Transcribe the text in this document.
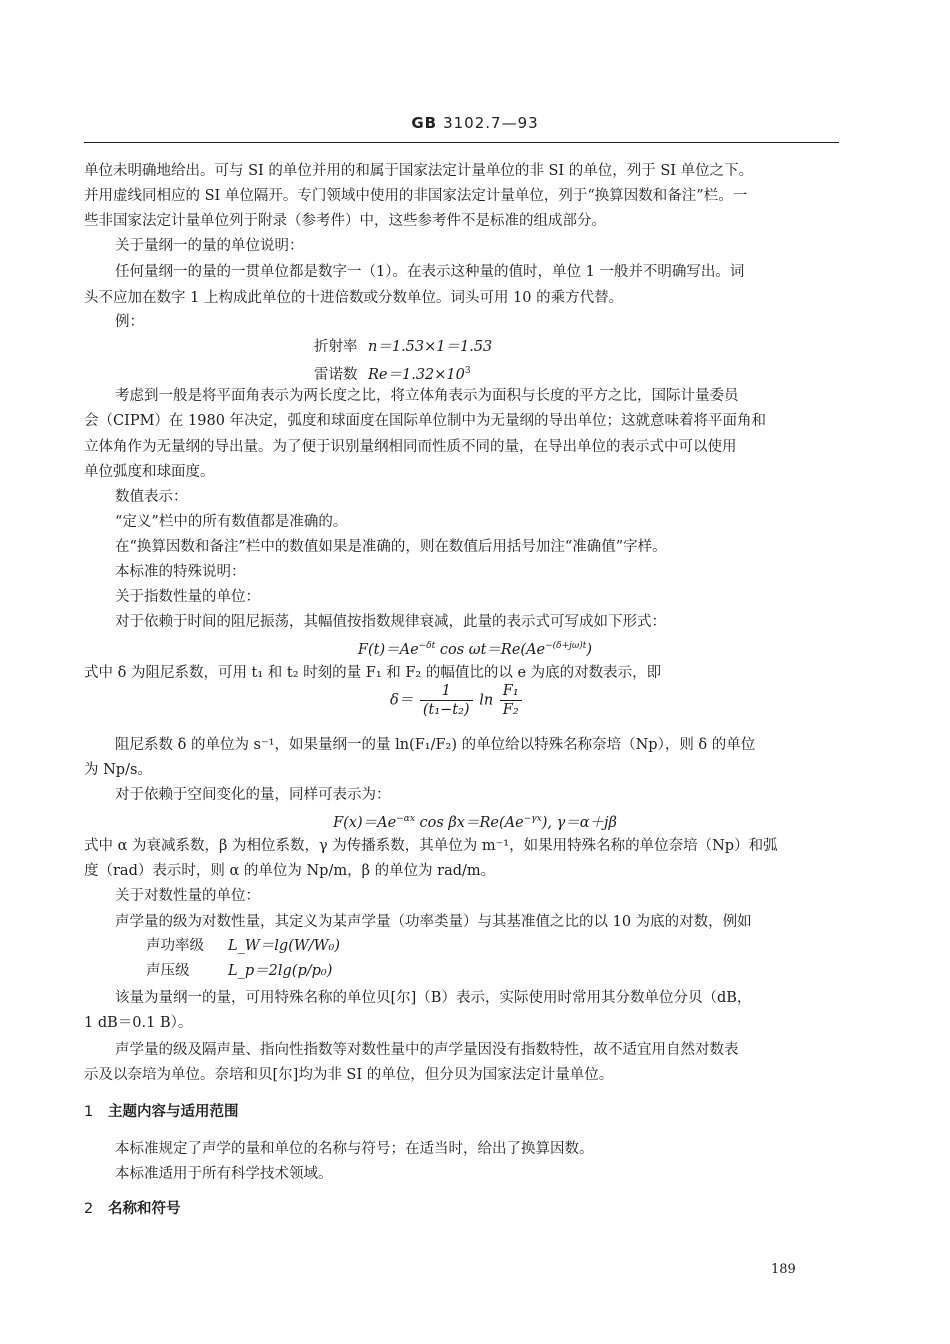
GB 3102.7—93
单位未明确地给出。可与 SI 的单位并用的和属于国家法定计量单位的非 SI 的单位，列于 SI 单位之下。
并用虚线同相应的 SI 单位隔开。专门领域中使用的非国家法定计量单位，列于“换算因数和备注”栏。一
些非国家法定计量单位列于附录（参考件）中，这些参考件不是标准的组成部分。
关于量纲一的量的单位说明：
任何量纲一的量的一贯单位都是数字一（1）。在表示这种量的值时，单位 1 一般并不明确写出。词
头不应加在数字 1 上构成此单位的十进倍数或分数单位。词头可用 10 的乘方代替。
例：
折射率 n＝1.53×1＝1.53
雷诺数 $Re=1.32\times 10^3$
考虑到一般是将平面角表示为两长度之比，将立体角表示为面积与长度的平方之比，国际计量委员
会（CIPM）在 1980 年决定，弧度和球面度在国际单位制中为无量纲的导出单位；这就意味着将平面角和
立体角作为无量纲的导出量。为了便于识别量纲相同而性质不同的量，在导出单位的表示式中可以使用
单位弧度和球面度。
数值表示：
“定义”栏中的所有数值都是准确的。
在“换算因数和备注”栏中的数值如果是准确的，则在数值后用括号加注“准确值”字样。
本标准的特殊说明：
关于指数性量的单位：
对于依赖于时间的阻尼振荡，其幅值按指数规律衰减，此量的表示式可写成如下形式：
$F(t)=Ae^{-\delta t}$ $\cos \omega t=Re(Ae^{-(\delta+j\omega)t})$
式中 δ 为阻尼系数，可用 t₁ 和 t₂ 时刻的量 F₁ 和 F₂ 的幅值比的以 e 为底的对数表示，即
$\delta= \frac{1}{\text{(t₁−t₂)}}$ $\ln \frac{\text{F₁}}{\text{F₂}}$
阻尼系数 δ 的单位为 s⁻¹，如果量纲一的量 ln(F₁/F₂) 的单位给以特殊名称奈培（Np），则 δ 的单位
为 Np/s。
对于依赖于空间变化的量，同样可表示为：
$F(x)=Ae^{-\alpha x}$ $\cos \beta x=Re(Ae^{-\gamma x})$, γ＝α＋jβ
式中 α 为衰减系数，β 为相位系数，γ 为传播系数，其单位为 m⁻¹，如果用特殊名称的单位奈培（Np）和弧
度（rad）表示时，则 α 的单位为 Np/m，β 的单位为 rad/m。
关于对数性量的单位：
声学量的级为对数性量，其定义为某声学量（功率类量）与其基准值之比的以 10 为底的对数，例如
声功率级 L_W＝lg(W/W₀)
声压级	L_p＝2lg(p/p₀)
该量为量纲一的量，可用特殊名称的单位贝[尔]（B）表示，实际使用时常用其分数单位分贝（dB，
1 dB＝0.1 B）。
声学量的级及隔声量、指向性指数等对数性量中的声学量因没有指数特性，故不适宜用自然对数表
示及以奈培为单位。奈培和贝[尔]均为非 SI 的单位，但分贝为国家法定计量单位。
1 主题内容与适用范围
本标准规定了声学的量和单位的名称与符号；在适当时，给出了换算因数。
本标准适用于所有科学技术领域。
2 名称和符号
189
